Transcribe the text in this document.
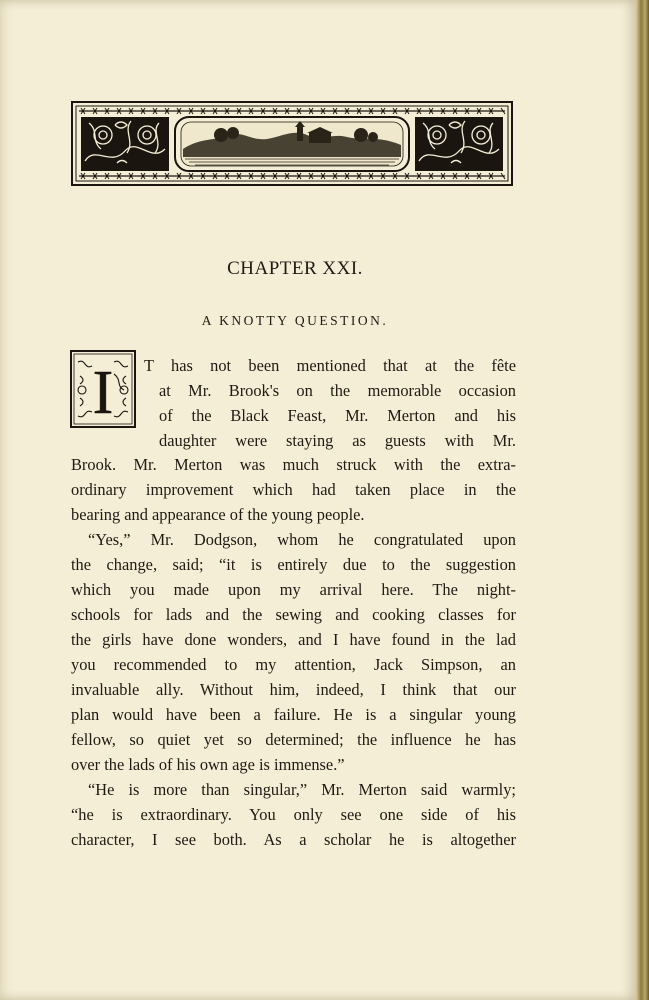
CHAPTER XXI.
A KNOTTY QUESTION.
I T has not been mentioned that at the fête
at Mr. Brook's on the memorable occasion
of the Black Feast, Mr. Merton and his
daughter were staying as guests with Mr.
Brook. Mr. Merton was much struck with the extra-
ordinary improvement which had taken place in the
bearing and appearance of the young people.
“Yes,” Mr. Dodgson, whom he congratulated upon
the change, said; “it is entirely due to the suggestion
which you made upon my arrival here. The night-
schools for lads and the sewing and cooking classes for
the girls have done wonders, and I have found in the lad
you recommended to my attention, Jack Simpson, an
invaluable ally. Without him, indeed, I think that our
plan would have been a failure. He is a singular young
fellow, so quiet yet so determined; the influence he has
over the lads of his own age is immense.”
“He is more than singular,” Mr. Merton said warmly;
“he is extraordinary. You only see one side of his
character, I see both. As a scholar he is altogether
